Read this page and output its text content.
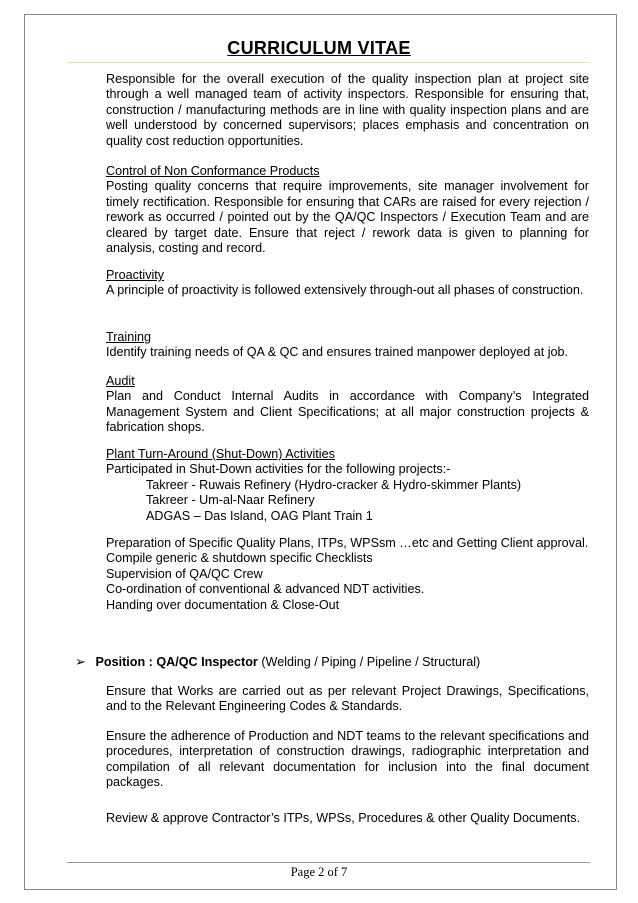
CURRICULUM VITAE
Responsible for the overall execution of the quality inspection plan at project site through a well managed team of activity inspectors. Responsible for ensuring that, construction / manufacturing methods are in line with quality inspection plans and are well understood by concerned supervisors; places emphasis and concentration on quality cost reduction opportunities.
Control of Non Conformance Products
Posting quality concerns that require improvements, site manager involvement for timely rectification. Responsible for ensuring that CARs are raised for every rejection / rework as occurred / pointed out by the QA/QC Inspectors / Execution Team and are cleared by target date. Ensure that reject / rework data is given to planning for analysis, costing and record.
Proactivity
A principle of proactivity is followed extensively through-out all phases of construction.
Training
Identify training needs of QA & QC and ensures trained manpower deployed at job.
Audit
Plan and Conduct Internal Audits in accordance with Company’s Integrated Management System and Client Specifications; at all major construction projects & fabrication shops.
Plant Turn-Around (Shut-Down) Activities
Participated in Shut-Down activities for the following projects:-
Takreer - Ruwais Refinery (Hydro-cracker & Hydro-skimmer Plants)
Takreer - Um-al-Naar Refinery
ADGAS – Das Island, OAG Plant Train 1
Preparation of Specific Quality Plans, ITPs, WPSsm …etc and Getting Client approval.
Compile generic & shutdown specific Checklists
Supervision of QA/QC Crew
Co-ordination of conventional & advanced NDT activities.
Handing over documentation & Close-Out
➢ Position : QA/QC Inspector (Welding / Piping / Pipeline / Structural)
Ensure that Works are carried out as per relevant Project Drawings, Specifications, and to the Relevant Engineering Codes & Standards.
Ensure the adherence of Production and NDT teams to the relevant specifications and procedures, interpretation of construction drawings, radiographic interpretation and compilation of all relevant documentation for inclusion into the final document packages.
Review & approve Contractor’s ITPs, WPSs, Procedures & other Quality Documents.
Page 2 of 7
